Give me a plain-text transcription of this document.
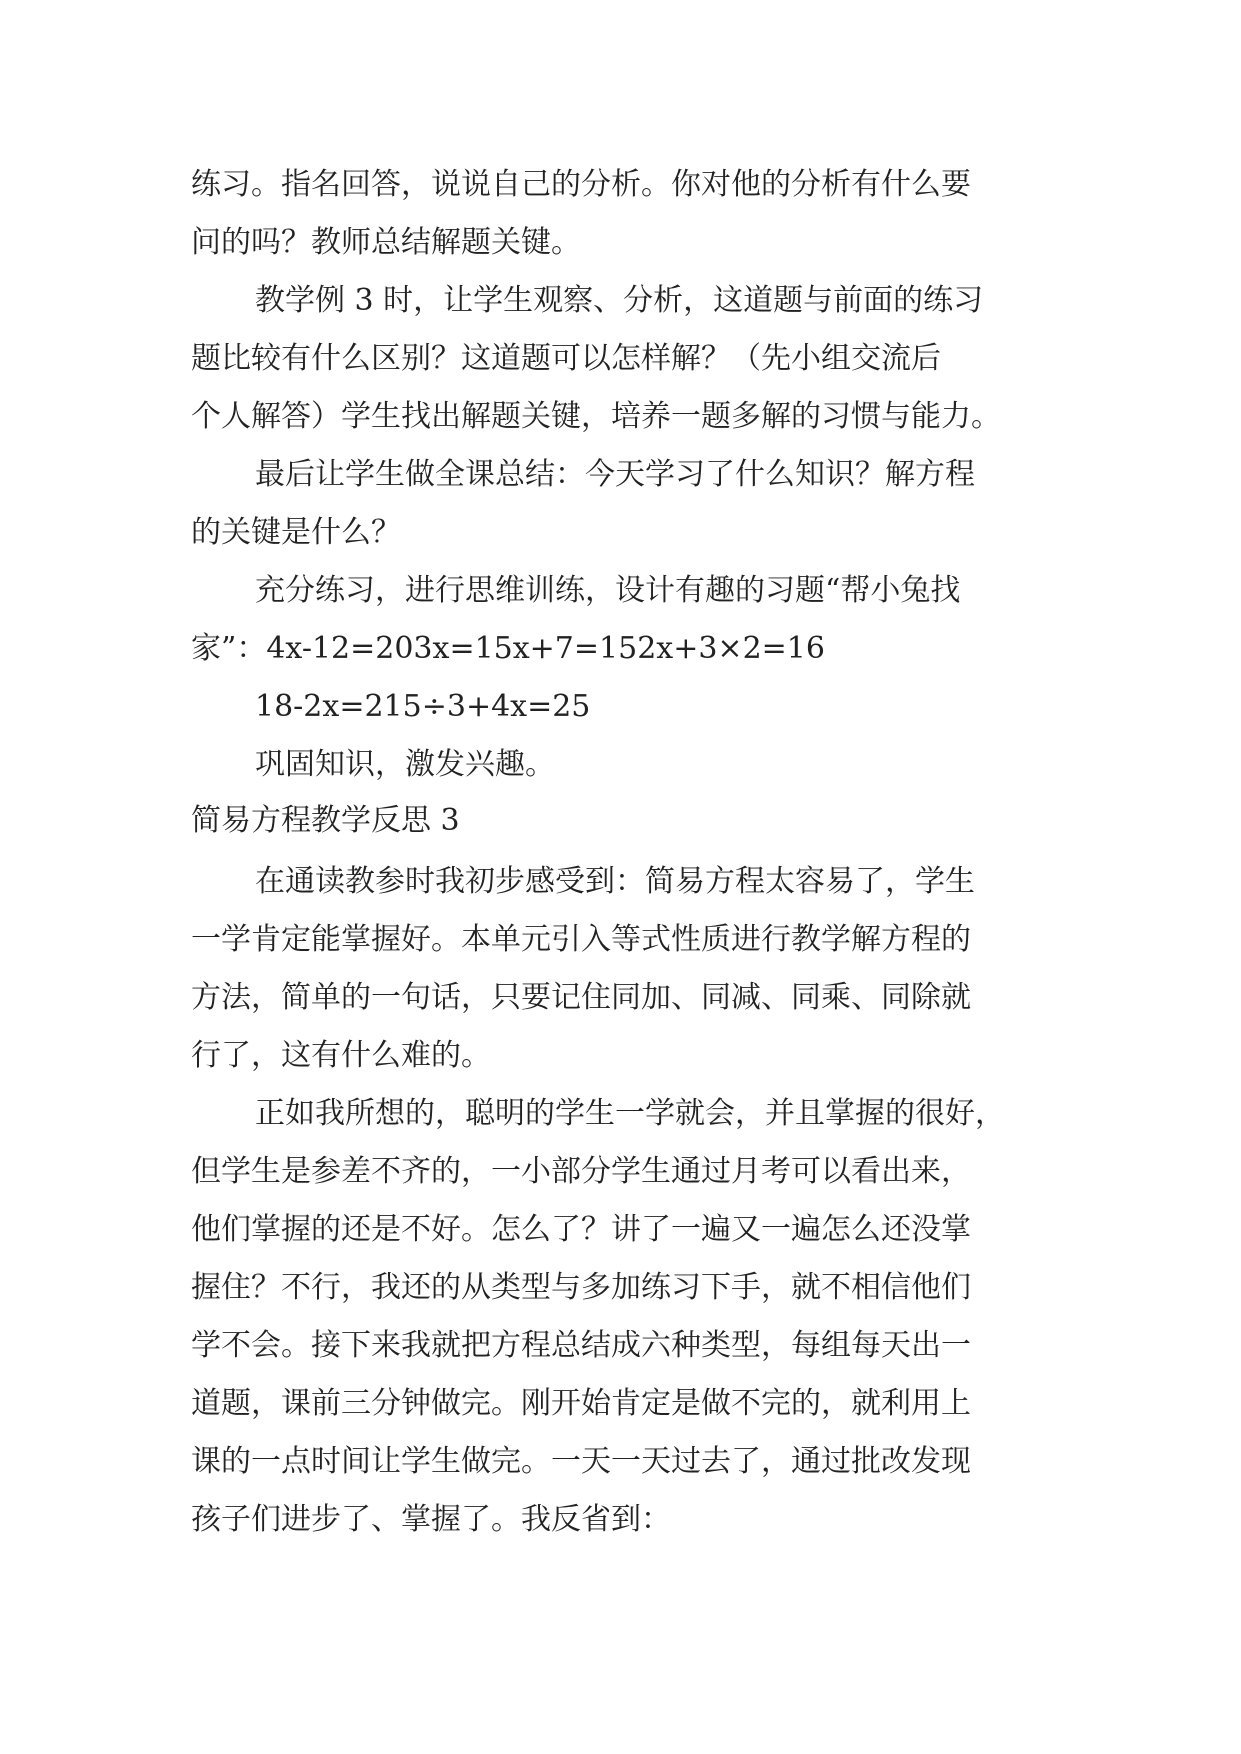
练习。指名回答，说说自己的分析。你对他的分析有什么要

问的吗？教师总结解题关键。

教学例 3 时，让学生观察、分析，这道题与前面的练习

题比较有什么区别？这道题可以怎样解？（先小组交流后

个人解答）学生找出解题关键，培养一题多解的习惯与能力。

最后让学生做全课总结：今天学习了什么知识？解方程

的关键是什么？

充分练习，进行思维训练，设计有趣的习题“帮小兔找

家”：4x-12=203x=15x+7=152x+3×2=16

18-2x=215÷3+4x=25

巩固知识，激发兴趣。

简易方程教学反思 3

在通读教参时我初步感受到：简易方程太容易了，学生

一学肯定能掌握好。本单元引入等式性质进行教学解方程的

方法，简单的一句话，只要记住同加、同减、同乘、同除就

行了，这有什么难的。

正如我所想的，聪明的学生一学就会，并且掌握的很好，

但学生是参差不齐的，一小部分学生通过月考可以看出来，

他们掌握的还是不好。怎么了？讲了一遍又一遍怎么还没掌

握住？不行，我还的从类型与多加练习下手，就不相信他们

学不会。接下来我就把方程总结成六种类型，每组每天出一

道题，课前三分钟做完。刚开始肯定是做不完的，就利用上

课的一点时间让学生做完。一天一天过去了，通过批改发现

孩子们进步了、掌握了。我反省到：
